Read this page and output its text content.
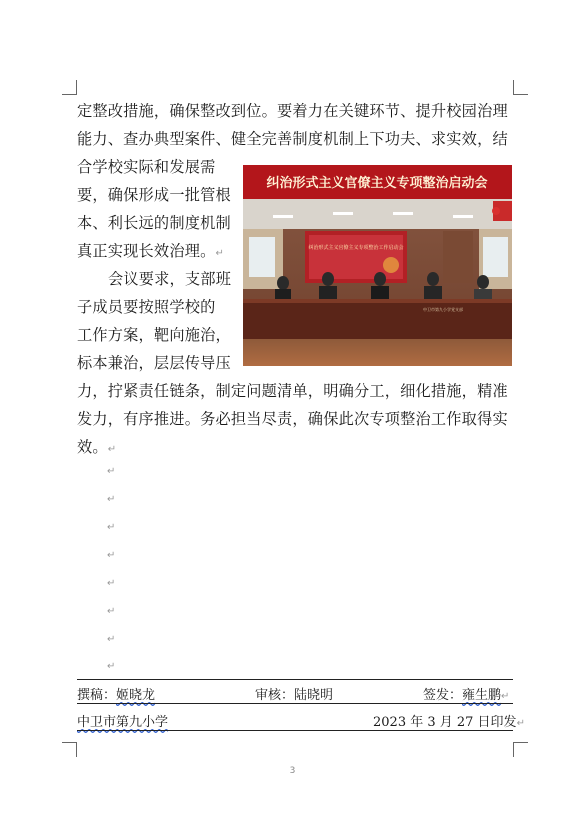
定整改措施，确保整改到位。要着力在关键环节、提升校园治理
能力、查办典型案件、健全完善制度机制上下功夫、求实效，结
合学校实际和发展需
要，确保形成一批管根
本、利长远的制度机制
真正实现长效治理。↵
会议要求，支部班
子成员要按照学校的
工作方案，靶向施治，
标本兼治，层层传导压
力，拧紧责任链条，制定问题清单，明确分工，细化措施，精准
发力，有序推进。务必担当尽责，确保此次专项整治工作取得实
效。↵
↵
↵
↵
↵
↵
↵
↵
↵
纠治形式主义官僚主义专项整治启动会
纠治形式主义官僚主义专项整治工作启动会
中卫市第九小学党支部
撰稿：姬晓龙	审核：陆晓明	签发：雍生鹏↵
中卫市第九小学	2023 年 3 月 27 日印发↵
3
